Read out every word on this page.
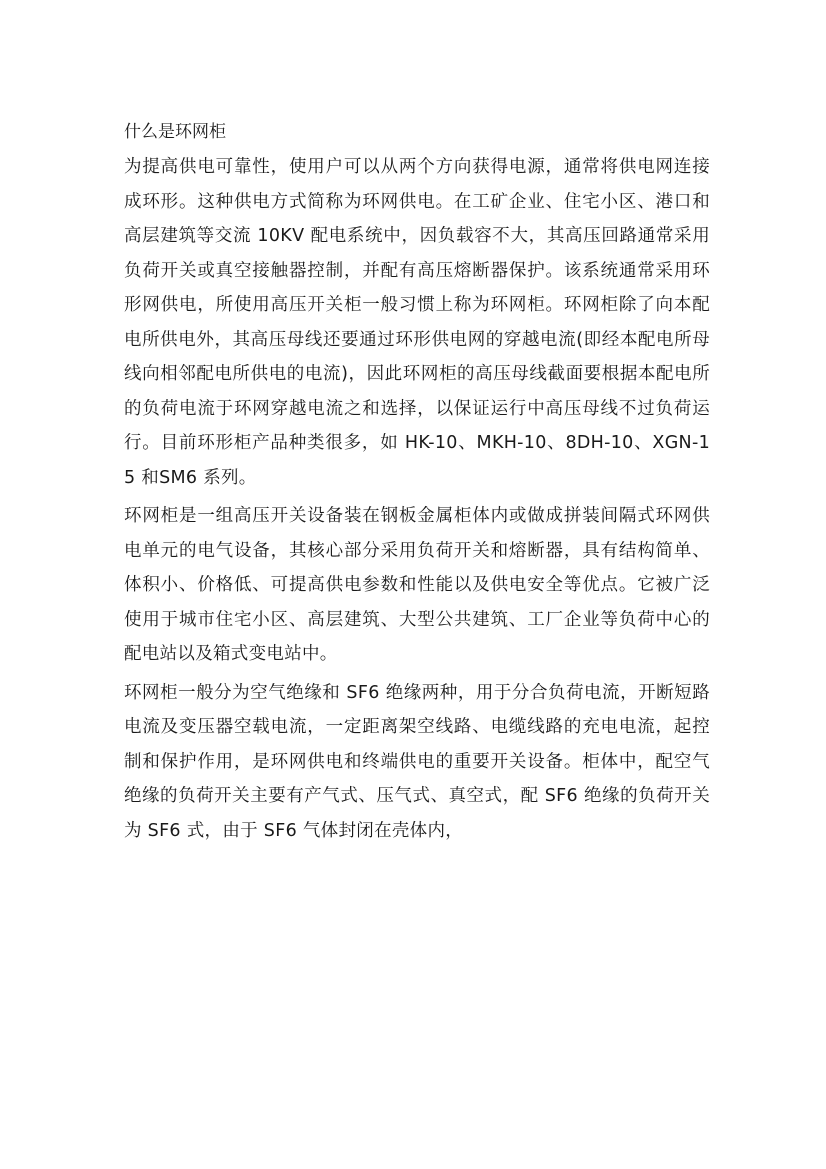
什么是环网柜

为提高供电可靠性，使用户可以从两个方向获得电源，通常将供电网连接成环形。这种供电方式简称为环网供电。在工矿企业、住宅小区、港口和高层建筑等交流 10KV 配电系统中，因负载容不大，其高压回路通常采用负荷开关或真空接触器控制，并配有高压熔断器保护。该系统通常采用环形网供电，所使用高压开关柜一般习惯上称为环网柜。环网柜除了向本配电所供电外，其高压母线还要通过环形供电网的穿越电流(即经本配电所母线向相邻配电所供电的电流)，因此环网柜的高压母线截面要根据本配电所的负荷电流于环网穿越电流之和选择，以保证运行中高压母线不过负荷运行。目前环形柜产品种类很多，如 HK-10、MKH-10、8DH-10、XGN-15 和SM6 系列。

环网柜是一组高压开关设备装在钢板金属柜体内或做成拼装间隔式环网供电单元的电气设备，其核心部分采用负荷开关和熔断器，具有结构简单、体积小、价格低、可提高供电参数和性能以及供电安全等优点。它被广泛使用于城市住宅小区、高层建筑、大型公共建筑、工厂企业等负荷中心的配电站以及箱式变电站中。

环网柜一般分为空气绝缘和 SF6 绝缘两种，用于分合负荷电流，开断短路电流及变压器空载电流，一定距离架空线路、电缆线路的充电电流，起控制和保护作用，是环网供电和终端供电的重要开关设备。柜体中，配空气绝缘的负荷开关主要有产气式、压气式、真空式，配 SF6 绝缘的负荷开关为 SF6 式，由于 SF6 气体封闭在壳体内，
